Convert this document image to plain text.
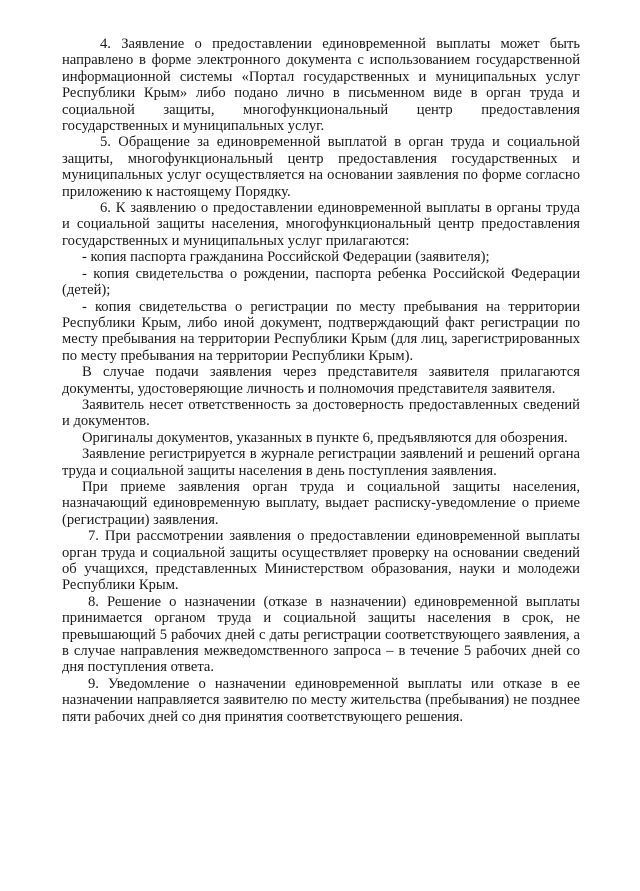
4. Заявление о предоставлении единовременной выплаты может быть направлено в форме электронного документа с использованием государственной информационной системы «Портал государственных и муниципальных услуг Республики Крым» либо подано лично в письменном виде в орган труда и социальной защиты, многофункциональный центр предоставления государственных и муниципальных услуг.

5. Обращение за единовременной выплатой в орган труда и социальной защиты, многофункциональный центр предоставления государственных и муниципальных услуг осуществляется на основании заявления по форме согласно приложению к настоящему Порядку.

6. К заявлению о предоставлении единовременной выплаты в органы труда и социальной защиты населения, многофункциональный центр предоставления государственных и муниципальных услуг прилагаются:

- копия паспорта гражданина Российской Федерации (заявителя);

- копия свидетельства о рождении, паспорта ребенка Российской Федерации (детей);

- копия свидетельства о регистрации по месту пребывания на территории Республики Крым, либо иной документ, подтверждающий факт регистрации по месту пребывания на территории Республики Крым (для лиц, зарегистрированных по месту пребывания на территории Республики Крым).

В случае подачи заявления через представителя заявителя прилагаются документы, удостоверяющие личность и полномочия представителя заявителя.

Заявитель несет ответственность за достоверность предоставленных сведений и документов.

Оригиналы документов, указанных в пункте 6, предъявляются для обозрения.

Заявление регистрируется в журнале регистрации заявлений и решений органа труда и социальной защиты населения в день поступления заявления.

При приеме заявления орган труда и социальной защиты населения, назначающий единовременную выплату, выдает расписку-уведомление о приеме (регистрации) заявления.

7. При рассмотрении заявления о предоставлении единовременной выплаты орган труда и социальной защиты осуществляет проверку на основании сведений об учащихся, представленных Министерством образования, науки и молодежи Республики Крым.

8. Решение о назначении (отказе в назначении) единовременной выплаты принимается органом труда и социальной защиты населения в срок, не превышающий 5 рабочих дней с даты регистрации соответствующего заявления, а в случае направления межведомственного запроса – в течение 5 рабочих дней со дня поступления ответа.

9. Уведомление о назначении единовременной выплаты или отказе в ее назначении направляется заявителю по месту жительства (пребывания) не позднее пяти рабочих дней со дня принятия соответствующего решения.
